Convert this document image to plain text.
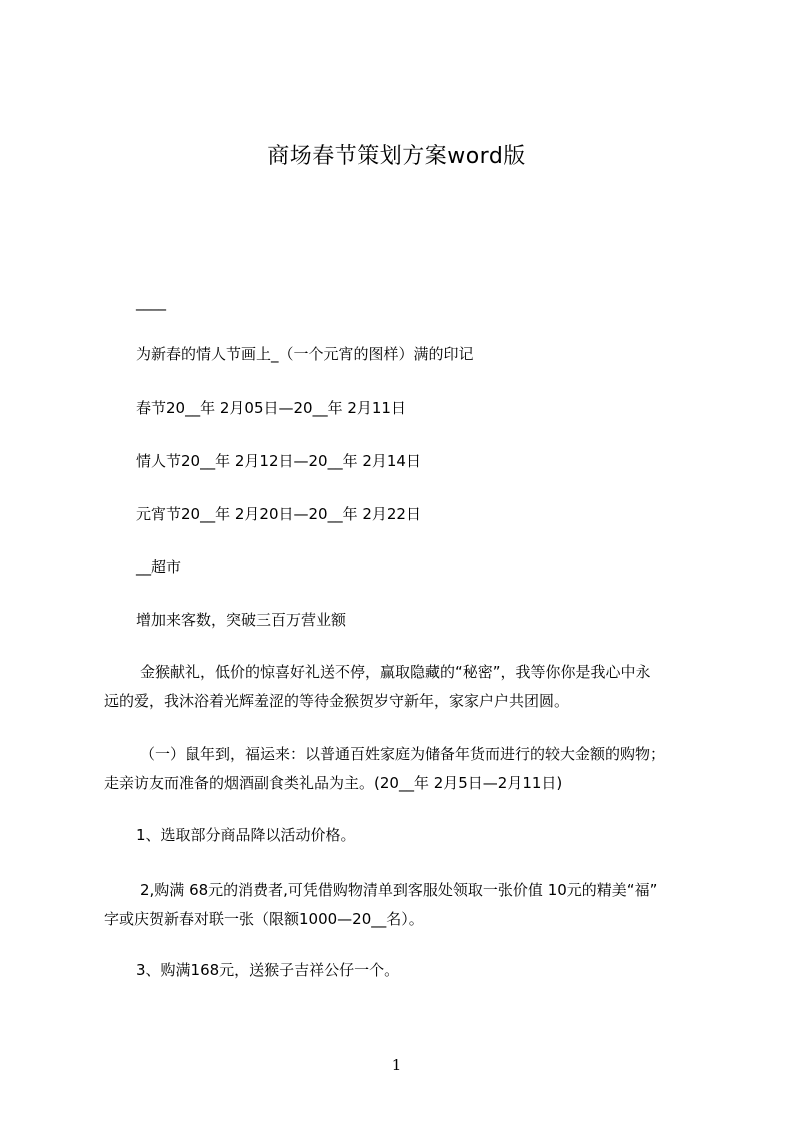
商场春节策划方案word版
____
为新春的情人节画上_（一个元宵的图样）满的印记
春节20__年 2月05日—20__年 2月11日
情人节20__年 2月12日—20__年 2月14日
元宵节20__年 2月20日—20__年 2月22日
__超市
增加来客数，突破三百万营业额
金猴献礼，低价的惊喜好礼送不停，赢取隐藏的“秘密”，我等你你是我心中永
远的爱，我沐浴着光辉羞涩的等待金猴贺岁守新年，家家户户共团圆。
（一）鼠年到，福运来：以普通百姓家庭为储备年货而进行的较大金额的购物；
走亲访友而准备的烟酒副食类礼品为主。(20__年 2月5日—2月11日)
1、选取部分商品降以活动价格。
2,购满 68元的消费者,可凭借购物清单到客服处领取一张价值 10元的精美“福”
字或庆贺新春对联一张（限额1000—20__名）。
3、购满168元，送猴子吉祥公仔一个。
1
